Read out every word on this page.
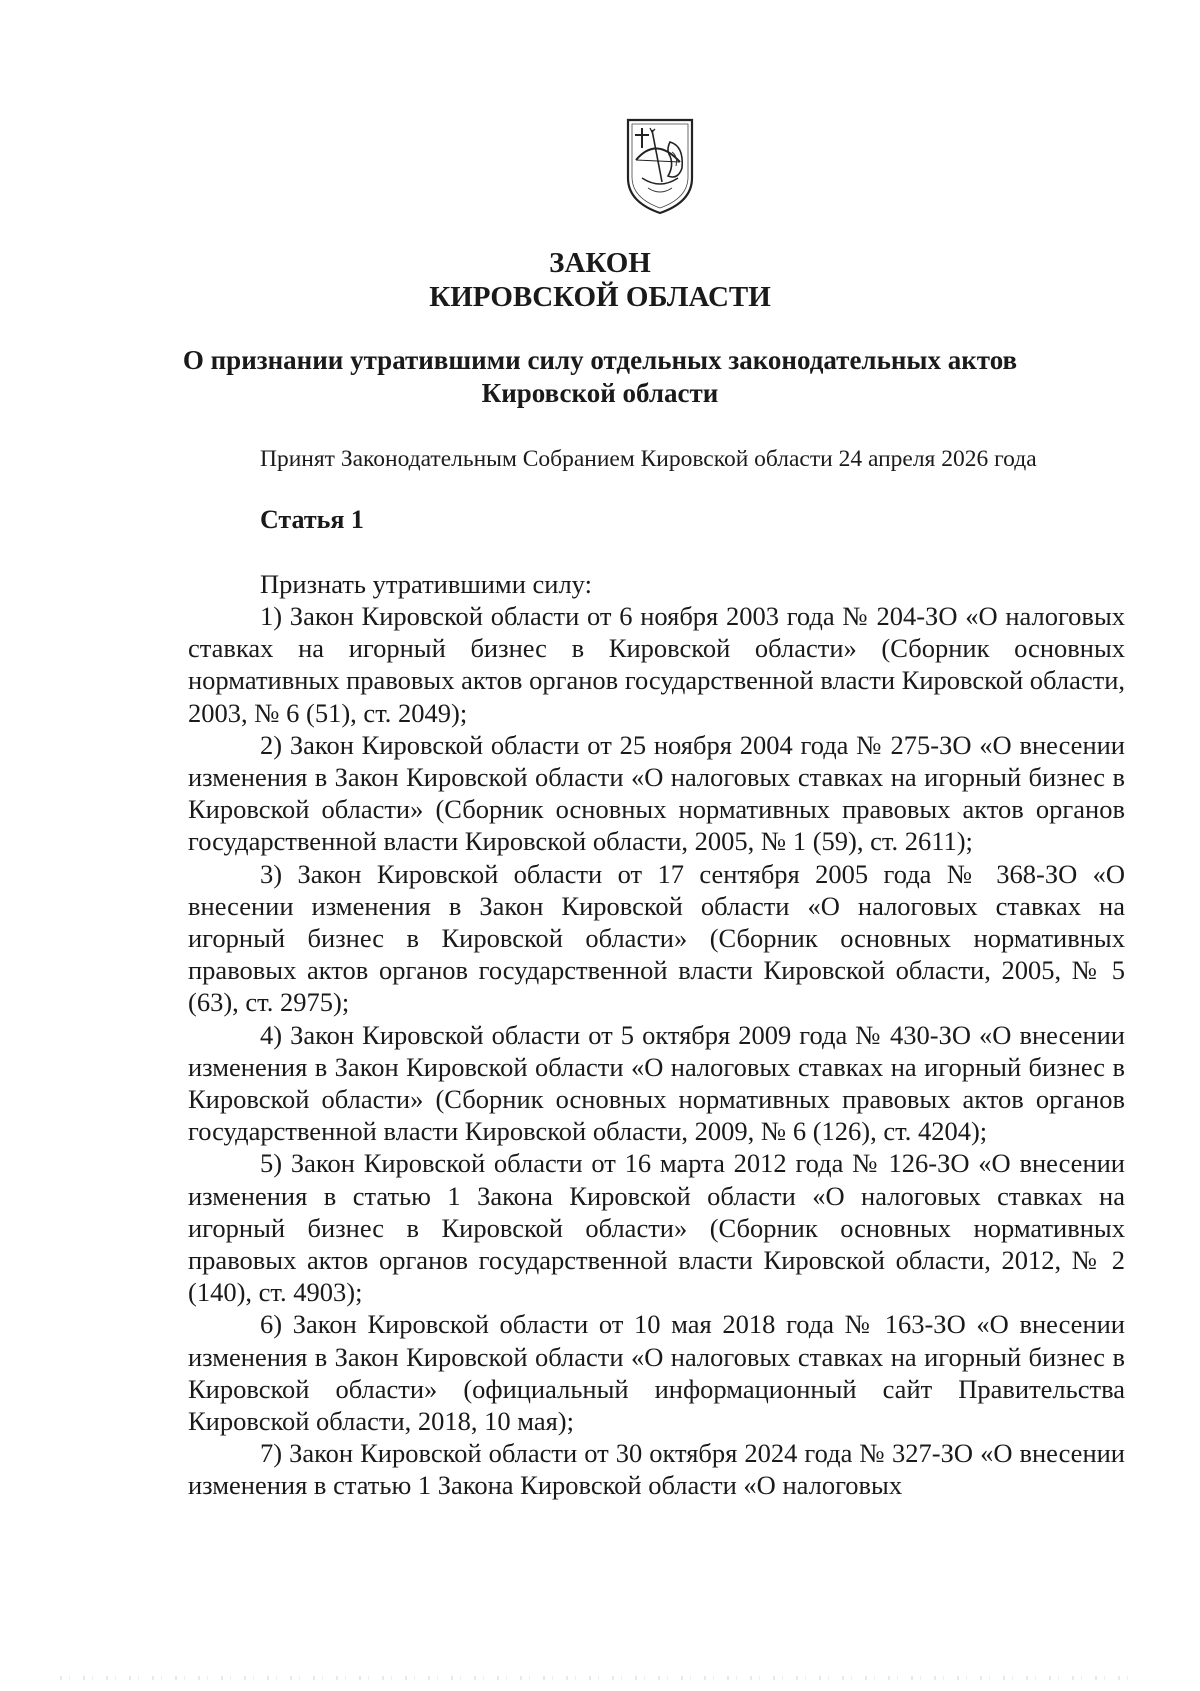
ЗАКОН
КИРОВСКОЙ ОБЛАСТИ
О признании утратившими силу отдельных законодательных актов
Кировской области
Принят Законодательным Собранием Кировской области 24 апреля 2026 года
Статья 1
Признать утратившими силу:

1) Закон Кировской области от 6 ноября 2003 года № 204-ЗО «О налоговых ставках на игорный бизнес в Кировской области» (Сборник основных нормативных правовых актов органов государственной власти Кировской области, 2003, № 6 (51), ст. 2049);

2) Закон Кировской области от 25 ноября 2004 года № 275-ЗО «О внесении изменения в Закон Кировской области «О налоговых ставках на игорный бизнес в Кировской области» (Сборник основных нормативных правовых актов органов государственной власти Кировской области, 2005, № 1 (59), ст. 2611);

3) Закон Кировской области от 17 сентября 2005 года № 368-ЗО «О внесении изменения в Закон Кировской области «О налоговых ставках на игорный бизнес в Кировской области» (Сборник основных нормативных правовых актов органов государственной власти Кировской области, 2005, № 5 (63), ст. 2975);

4) Закон Кировской области от 5 октября 2009 года № 430-ЗО «О внесении изменения в Закон Кировской области «О налоговых ставках на игорный бизнес в Кировской области» (Сборник основных нормативных правовых актов органов государственной власти Кировской области, 2009, № 6 (126), ст. 4204);

5) Закон Кировской области от 16 марта 2012 года № 126-ЗО «О внесении изменения в статью 1 Закона Кировской области «О налоговых ставках на игорный бизнес в Кировской области» (Сборник основных нормативных правовых актов органов государственной власти Кировской области, 2012, № 2 (140), ст. 4903);

6) Закон Кировской области от 10 мая 2018 года № 163-ЗО «О внесении изменения в Закон Кировской области «О налоговых ставках на игорный бизнес в Кировской области» (официальный информационный сайт Правительства Кировской области, 2018, 10 мая);

7) Закон Кировской области от 30 октября 2024 года № 327-ЗО «О внесении изменения в статью 1 Закона Кировской области «О налоговых
